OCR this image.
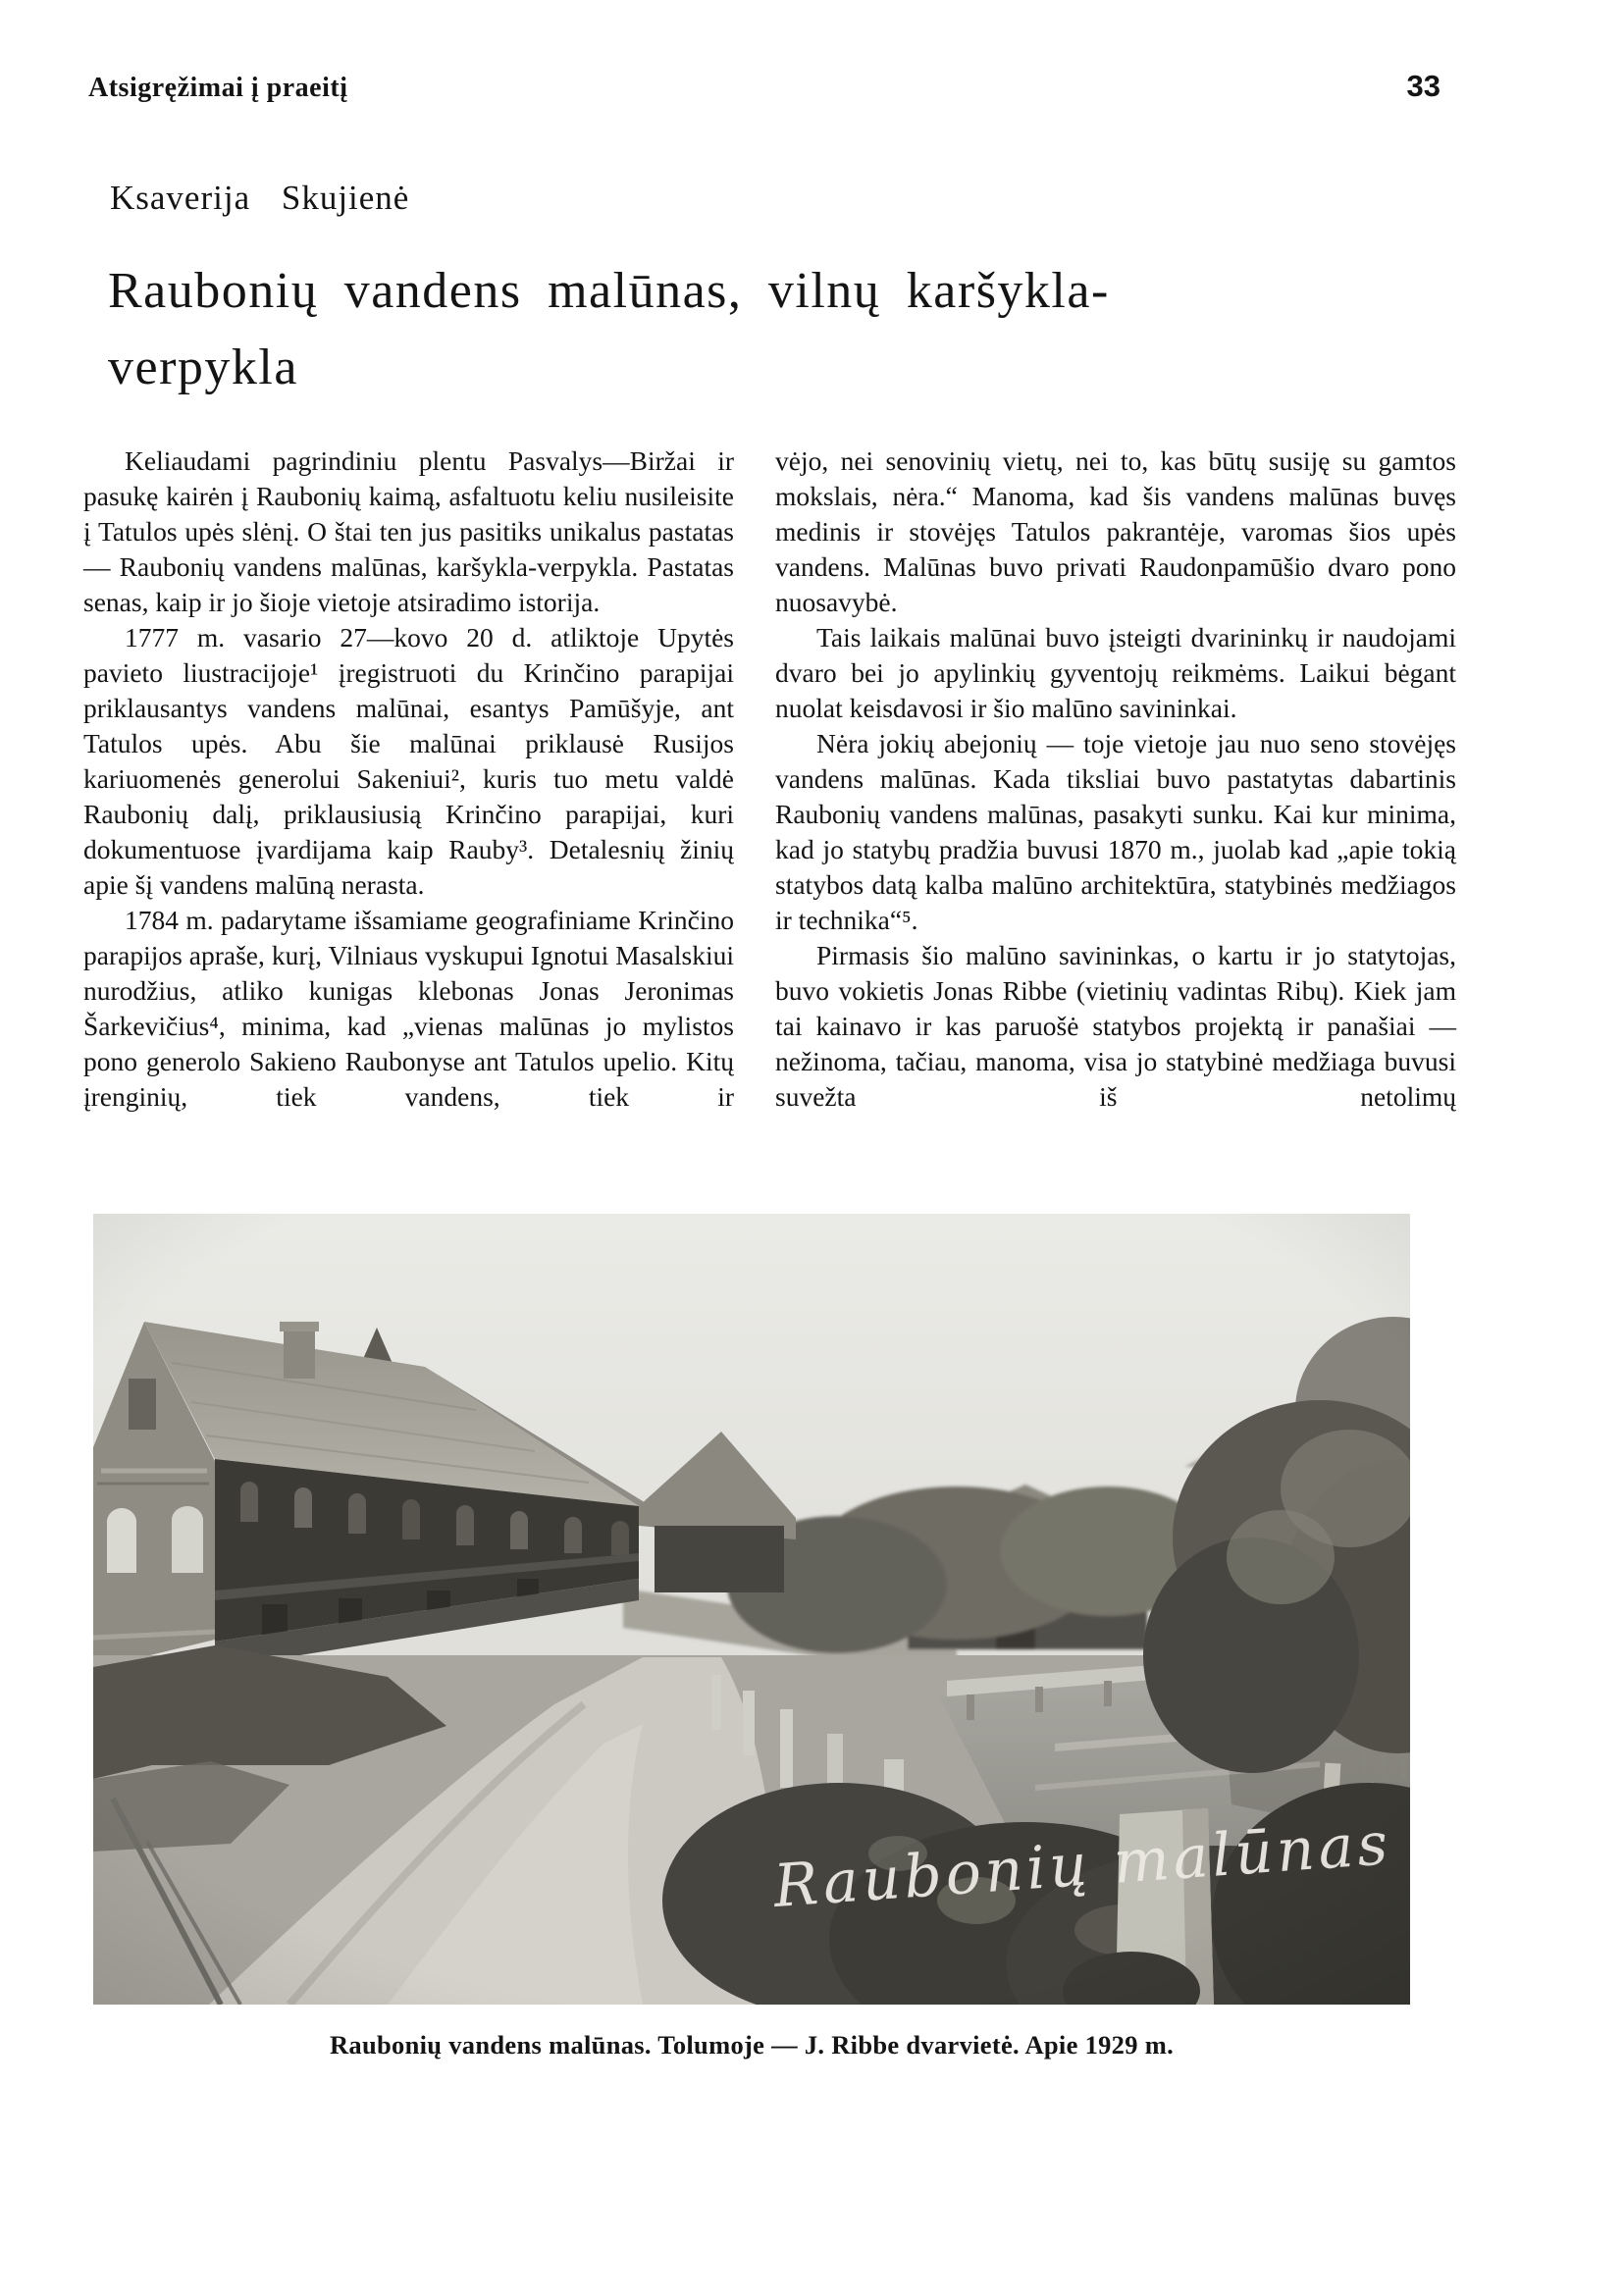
Atsigręžimai į praeitį	33
Ksaverija Skujienė
Raubonių vandens malūnas, vilnų karšykla-
verpykla

Keliaudami pagrindiniu plentu Pasvalys—Biržai ir pasukę kairėn į Raubonių kaimą, asfaltuotu keliu nusileisite į Tatulos upės slėnį. O štai ten jus pasitiks unikalus pastatas — Raubonių vandens malūnas, karšykla-verpykla. Pastatas senas, kaip ir jo šioje vietoje atsiradimo istorija.

1777 m. vasario 27—kovo 20 d. atliktoje Upytės pavieto liustracijoje¹ įregistruoti du Krinčino parapijai priklausantys vandens malūnai, esantys Pamūšyje, ant Tatulos upės. Abu šie malūnai priklausė Rusijos kariuomenės generolui Sakeniui², kuris tuo metu valdė Raubonių dalį, priklausiusią Krinčino parapijai, kuri dokumentuose įvardijama kaip Rauby³. Detalesnių žinių apie šį vandens malūną nerasta.

1784 m. padarytame išsamiame geografiniame Krinčino parapijos apraše, kurį, Vilniaus vyskupui Ignotui Masalskiui nurodžius, atliko kunigas klebonas Jonas Jeronimas Šarkevičius⁴, minima, kad „vienas malūnas jo mylistos pono generolo Sakieno Raubonyse ant Tatulos upelio. Kitų įrenginių, tiek vandens, tiek ir

vėjo, nei senovinių vietų, nei to, kas būtų susiję su gamtos mokslais, nėra.“ Manoma, kad šis vandens malūnas buvęs medinis ir stovėjęs Tatulos pakrantėje, varomas šios upės vandens. Malūnas buvo privati Raudonpamūšio dvaro pono nuosavybė.

Tais laikais malūnai buvo įsteigti dvarininkų ir naudojami dvaro bei jo apylinkių gyventojų reikmėms. Laikui bėgant nuolat keisdavosi ir šio malūno savininkai.

Nėra jokių abejonių — toje vietoje jau nuo seno stovėjęs vandens malūnas. Kada tiksliai buvo pastatytas dabartinis Raubonių vandens malūnas, pasakyti sunku. Kai kur minima, kad jo statybų pradžia buvusi 1870 m., juolab kad „apie tokią statybos datą kalba malūno architektūra, statybinės medžiagos ir technika“⁵.

Pirmasis šio malūno savininkas, o kartu ir jo statytojas, buvo vokietis Jonas Ribbe (vietinių vadintas Ribų). Kiek jam tai kainavo ir kas paruošė statybos projektą ir panašiai — nežinoma, tačiau, manoma, visa jo statybinė medžiaga buvusi suvežta iš netolimų

Raubonių vandens malūnas. Tolumoje — J. Ribbe dvarvietė. Apie 1929 m.
